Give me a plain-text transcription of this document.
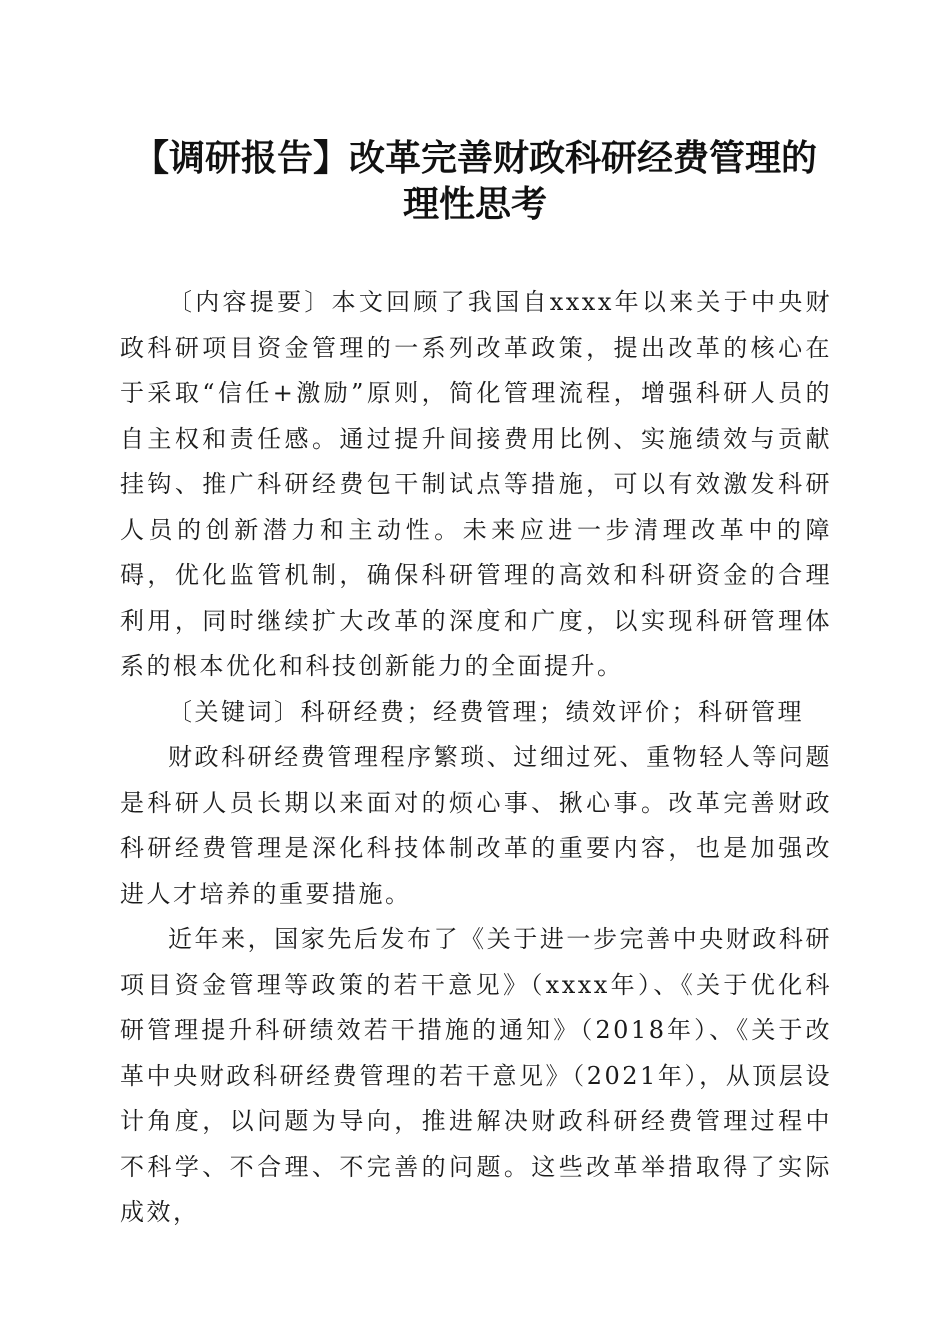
【调研报告】改革完善财政科研经费管理的理性思考

〔内容提要〕本文回顾了我国自xxxx年以来关于中央财政科研项目资金管理的一系列改革政策，提出改革的核心在于采取“信任+激励”原则，简化管理流程，增强科研人员的自主权和责任感。通过提升间接费用比例、实施绩效与贡献挂钩、推广科研经费包干制试点等措施，可以有效激发科研人员的创新潜力和主动性。未来应进一步清理改革中的障碍，优化监管机制，确保科研管理的高效和科研资金的合理利用，同时继续扩大改革的深度和广度，以实现科研管理体系的根本优化和科技创新能力的全面提升。

〔关键词〕科研经费；经费管理；绩效评价；科研管理

财政科研经费管理程序繁琐、过细过死、重物轻人等问题是科研人员长期以来面对的烦心事、揪心事。改革完善财政科研经费管理是深化科技体制改革的重要内容，也是加强改进人才培养的重要措施。

近年来，国家先后发布了《关于进一步完善中央财政科研项目资金管理等政策的若干意见》（xxxx年）、《关于优化科研管理提升科研绩效若干措施的通知》（2018年）、《关于改革中央财政科研经费管理的若干意见》（2021年），从顶层设计角度，以问题为导向，推进解决财政科研经费管理过程中不科学、不合理、不完善的问题。这些改革举措取得了实际成效，
